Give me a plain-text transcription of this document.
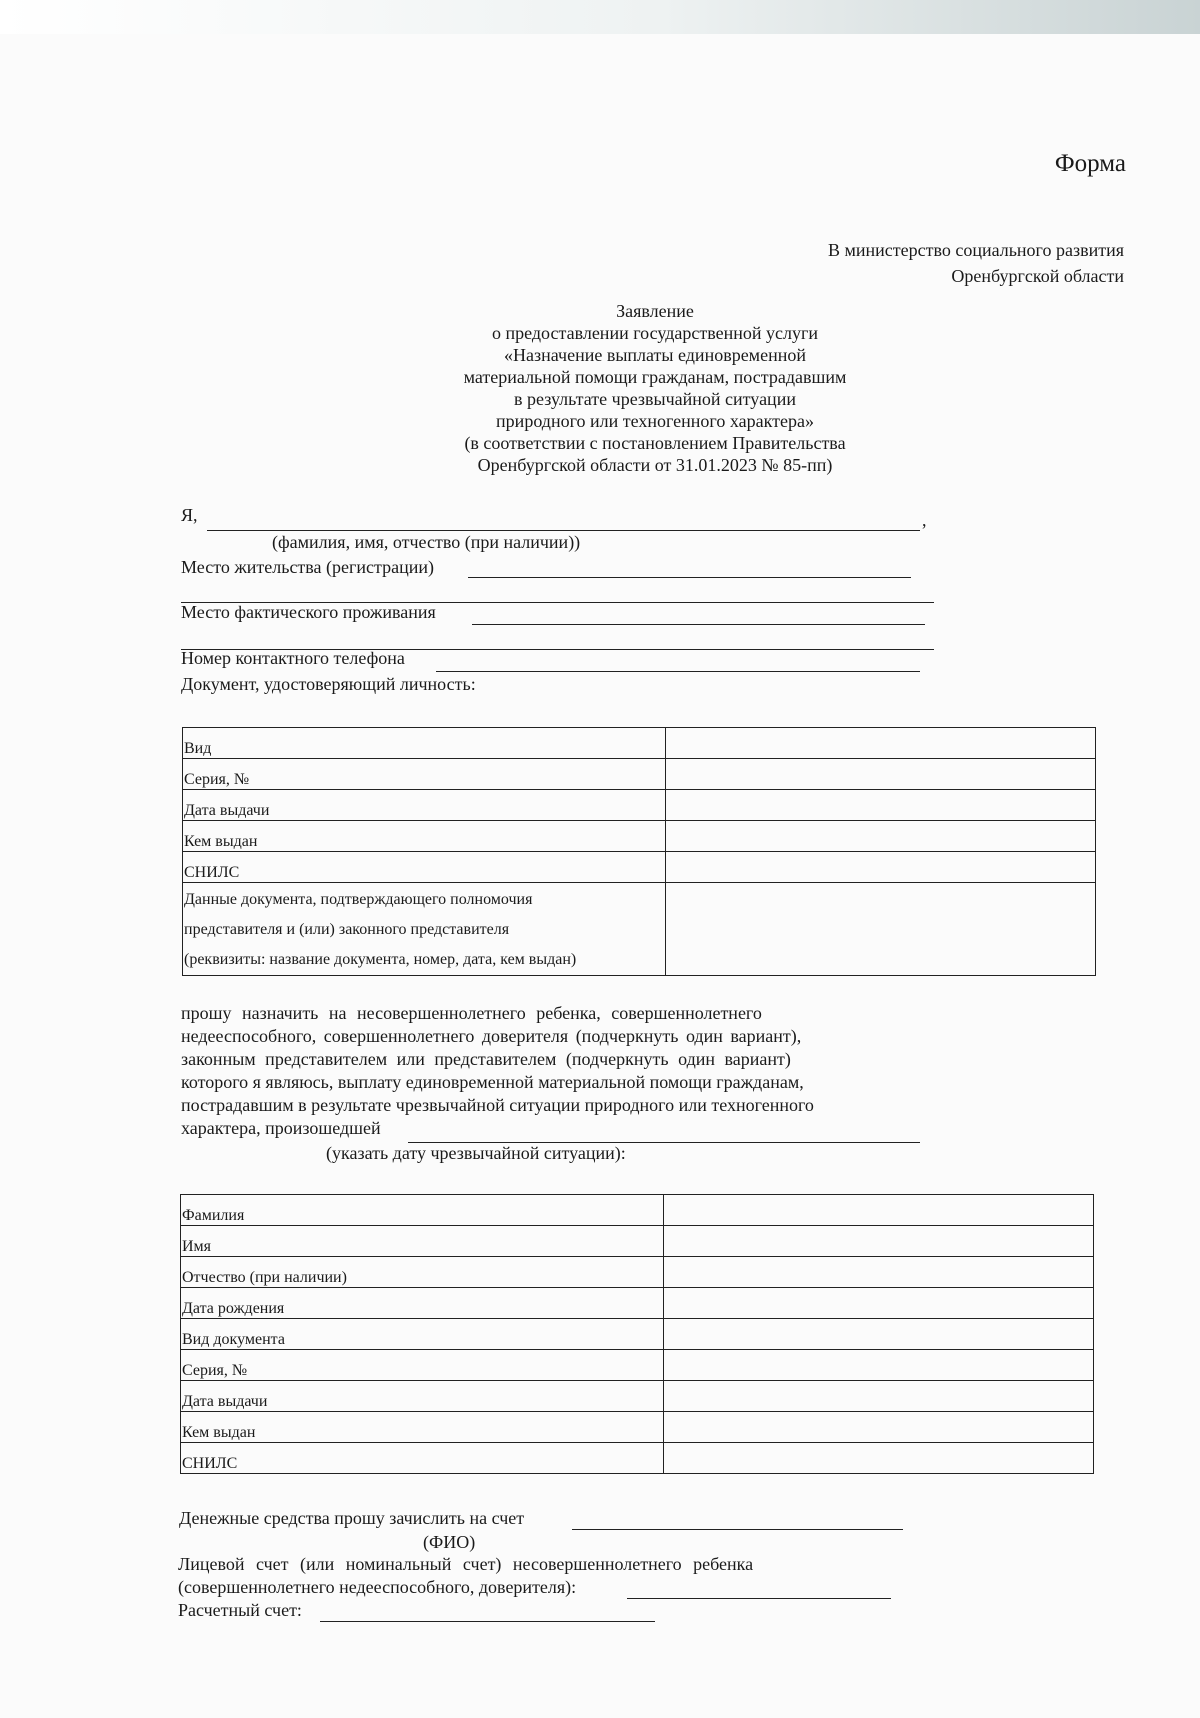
Форма
В министерство социального развития
Оренбургской области
Заявление
о предоставлении государственной услуги
«Назначение выплаты единовременной
материальной помощи гражданам, пострадавшим
в результате чрезвычайной ситуации
природного или техногенного характера»
(в соответствии с постановлением Правительства
Оренбургской области от 31.01.2023 № 85-пп)
Я,	,
(фамилия, имя, отчество (при наличии))
Место жительства (регистрации)
Место фактического проживания
Номер контактного телефона
Документ, удостоверяющий личность:
Вид	
Серия, №	
Дата выдачи	
Кем выдан	
СНИЛС	

Данные документа, подтверждающего полномочия
представителя и (или) законного представителя
(реквизиты: название документа, номер, дата, кем выдан)	

прошу назначить на несовершеннолетнего ребенка, совершеннолетнего
недееспособного, совершеннолетнего доверителя (подчеркнуть один вариант),
законным представителем или представителем (подчеркнуть один вариант)
которого я являюсь, выплату единовременной материальной помощи гражданам,
пострадавшим в результате чрезвычайной ситуации природного или техногенного
характера, произошедшей
(указать дату чрезвычайной ситуации):
Фамилия	
Имя	
Отчество (при наличии)	
Дата рождения	
Вид документа	
Серия, №	
Дата выдачи	
Кем выдан	
СНИЛС	
Денежные средства прошу зачислить на счет
(ФИО)
Лицевой счет (или номинальный счет) несовершеннолетнего ребенка
(совершеннолетнего недееспособного, доверителя):
Расчетный счет:
